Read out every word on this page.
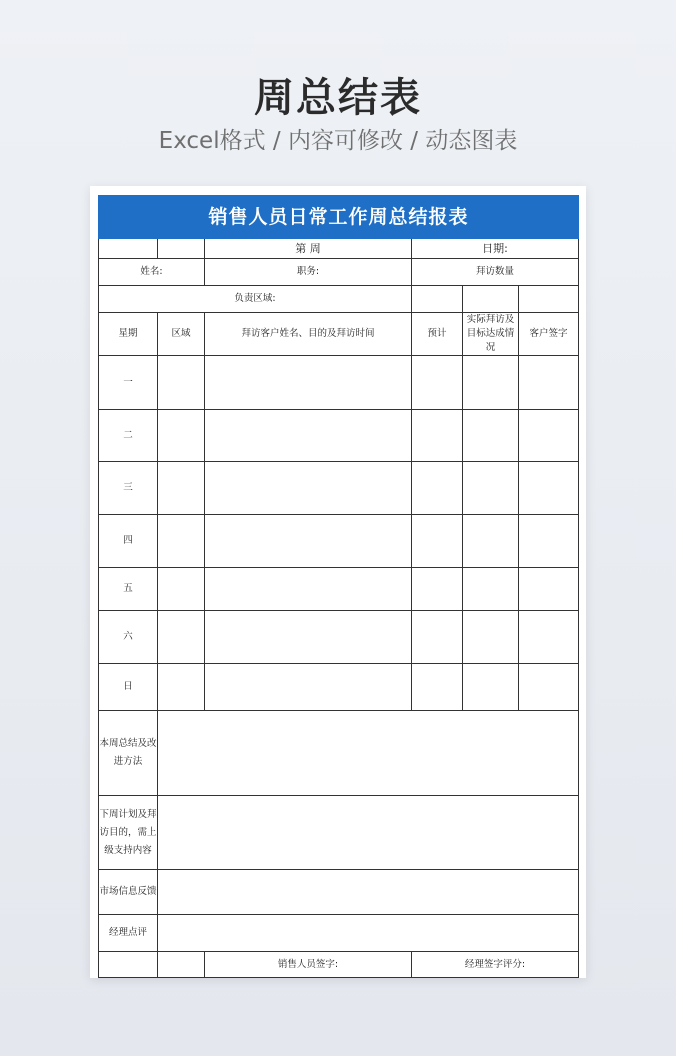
周总结表
Excel格式 / 内容可修改 / 动态图表
销售人员日常工作周总结报表					
		第 周	日期:		
姓名:		职务:	拜访数量		
负责区域:					
星期	区域	拜访客户姓名、目的及拜访时间	预计	实际拜访及目标达成情况	客户签字
一					
二					
三					
四					
五					
六					
日					
本周总结及改进方法					
下周计划及拜访目的，需上级支持内容					
市场信息反馈					
经理点评					
		销售人员签字:	经理签字评分:		
